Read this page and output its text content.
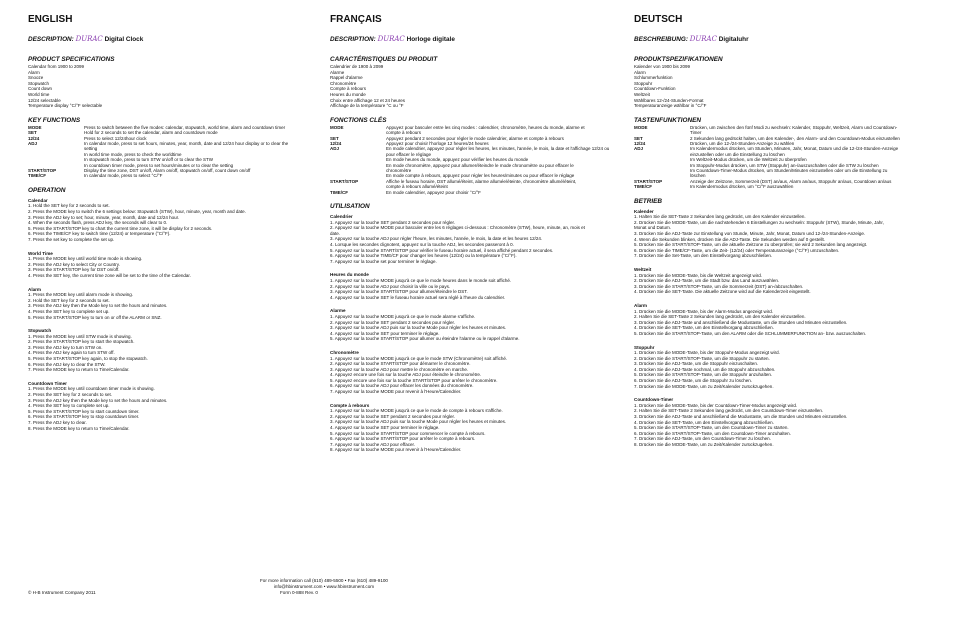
ENGLISH
DESCRIPTION: DURAC Digital Clock
PRODUCT SPECIFICATIONS
Calendar from 1900 to 2099
Alarm
Snooze
Stopwatch
Count down
World time
12/24 selectable
Temperature display °C/°F selectable
KEY FUNCTIONS
MODE	Press to switch between the five modes: calendar, stopwatch, world time, alarm and countdown timer
SET	Hold for 2 seconds to set the calendar, alarm and countdown mode
12/24	Press to select 12/24hour clock
ADJ	In calendar mode, press to set hours, minutes, year, month, date and 12/24 hour display or to clear the
	setting
	In world time mode, press to check the worldtime
	In stopwatch mode, press to turn STW on/off or to clear the STW
	In countdown timer mode, press to set hours/minutes or to clear the setting
START/STOP	Display the time zone, DST on/off, Alarm on/off, stopwatch on/off, count down on/off
TIME/CF	In calendar mode, press to select °C/°F
OPERATION
Calendar
1. Hold the SET key for 2 seconds to set.
2. Press the MODE key to switch the 6 settings below: Stopwatch (STW), hour, minute, year, month and date.
3. Press the ADJ key to set; hour, minute, year, month, date and 12/24 hour.
4. When the seconds flash, press ADJ key, the seconds will clear to 0.
5. Press the START/STOP key to chart the current time zone, it will be display for 2 seconds.
6. Press the TIME/CF key to switch time (12/24) or temperature (°C/°F).
7. Press the set key to complete the set up.
World Time
1. Press the MODE key until world time mode is showing.
2. Press the ADJ key to select City or Country.
3. Press the START/STOP key for DST on/off.
4. Press the SET key, the current time zone will be set to the time of the Calendar.
Alarm
1. Press the MODE key until alarm mode is showing.
2. Hold the SET key for 2 seconds to set.
3. Press the ADJ key then the Mode key to set the hours and minutes.
4. Press the SET key to complete set up.
5. Press the START/STOP key to turn on or off the ALARM or SNZ.
Stopwatch
1. Press the MODE key until STW mode is showing.
2. Press the START/STOP key to start the stopwatch.
3. Press the ADJ key to turn STW on.
4. Press the ADJ key again to turn STW off.
5. Press the START/STOP key again, to stop the stopwatch.
6. Press the ADJ key to clear the STW.
7. Press the MODE key to return to Time/Calendar.
Countdown Timer
1. Press the MODE key until countdown timer mode is showing.
2. Press the SET key for 2 seconds to set.
3. Press the ADJ key then the Mode key to set the hours and minutes.
4. Press the SET key to complete set up.
5. Press the START/STOP key to start countdown timer.
6. Press the START/STOP key to stop countdown timer.
7. Press the ADJ key to clear.
8. Press the MODE key to return to Time/Calendar.
FRANÇAIS
DESCRIPTION: DURAC Horloge digitale
CARACTÉRISTIQUES DU PRODUIT
Calendrier de 1900 à 2099
Alarme
Rappel d'alarme
Chronomètre
Compte à rebours
Heures du monde
Choix entre affichage 12 et 24 heures
Affichage de la température °C ou °F
FONCTIONS CLÉS
MODE	Appuyez pour basculer entre les cinq modes : calendrier, chronomètre, heures du monde, alarme et
	compte à rebours
SET	Appuyez pendant 2 secondes pour régler le mode calendrier, alarme et compte à rebours
12/24	Appuyez pour choisir l'horloge 12 heures/24 heures
ADJ	En mode calendrier, appuyez pour régler les heures, les minutes, l'année, le mois, la date et l'affichage 12/24 ou
	pour effacer le réglage
	En mode heures du monde, appuyez pour vérifier les heures du monde
	En mode chronomètre, appuyez pour allumer/éteindre le mode chronomètre ou pour effacer le
	chronomètre
	En mode compte à rebours, appuyez pour régler les heures/minutes ou pour effacer le réglage
START/STOP	Affiche le fuseau horaire, DST allumé/éteint, alarme allumée/éteinte, chronomètre allumé/éteint,
	compte à rebours allumé/éteint
TIME/CF	En mode calendrier, appuyez pour choisir °C/°F
UTILISATION
Calendrier
1. Appuyez sur la touche SET pendant 2 secondes pour régler.
2. Appuyez sur la touche MODE pour basculer entre les 6 réglages ci-dessous : Chronomètre (STW), heure, minute, an, mois et
date.
3. Appuyez sur la touche ADJ pour régler l'heure, les minutes, l'année, le mois, la date et les heures 12/24.
4. Lorsque les secondes clignotent, appuyez sur la touche ADJ, les secondes passeront à 0.
5. Appuyez sur la touche START/STOP pour vérifier le fuseau horaire actuel, il sera affiché pendant 2 secondes.
6. Appuyez sur la touche TIME/CF pour changer les heures (12/24) ou la température (°C/°F).
7. Appuyez sur la touche set pour terminer le réglage.
Heures du monde
1. Appuyez sur la touche MODE jusqu'à ce que le mode heures dans le monde soit affiché.
2. Appuyez sur la touche ADJ pour choisir la ville ou le pays.
3. Appuyez sur la touche START/STOP pour allumer/éteindre le DST.
4. Appuyez sur la touche SET le fuseau horaire actuel sera réglé à l'heure du calendrier.
Alarme
1. Appuyez sur la touche MODE jusqu'à ce que le mode alarme s'affiche.
2. Appuyez sur la touche SET pendant 2 secondes pour régler.
3. Appuyez sur la touche ADJ puis sur la touche Mode pour régler les heures et minutes.
4. Appuyez sur la touche SET pour terminer le réglage.
5. Appuyez sur la touche START/STOP pour allumer ou éteindre l'alarme ou le rappel d'alarme.
Chronomètre
1. Appuyez sur la touche MODE jusqu'à ce que le mode STW (Chronomètre) soit affiché.
2. Appuyez sur la touche START/STOP pour démarrer le chronomètre.
3. Appuyez sur la touche ADJ pour mettre le chronomètre en marche.
4. Appuyez encore une fois sur la touche ADJ pour éteindre le chronomètre.
5. Appuyez encore une fois sur la touche START/STOP pour arrêter le chronomètre.
6. Appuyez sur la touche ADJ pour effacer les données du chronomètre.
7. Appuyez sur la touche MODE pour revenir à l'Heure/Calendrier.
Compte à rebours
1. Appuyez sur la touche MODE jusqu'à ce que le mode de compte à rebours s'affiche.
2. Appuyez sur la touche SET pendant 2 secondes pour régler.
3. Appuyez sur la touche ADJ puis sur la touche Mode pour régler les heures et minutes.
4. Appuyez sur la touche SET pour terminer le réglage.
5. Appuyez sur la touche START/STOP pour commencer le compte à rebours.
6. Appuyez sur la touche START/STOP pour arrêter le compte à rebours.
7. Appuyez sur la touche ADJ pour effacer.
8. Appuyez sur la touche MODE pour revenir à l'Heure/Calendrier.
DEUTSCH
BESCHREIBUNG: DURAC Digitaluhr
PRODUKTSPEZIFIKATIONEN
Kalender von 1900 bis 2099
Alarm
Schlummerfunktion
Stoppuhr
Countdown-Funktion
Weltzeit
Wählbares 12-/24-Stunden-Format
Temperaturanzeige wählbar in °C/°F
TASTENFUNKTIONEN
MODE	Drücken, um zwischen den fünf Modi zu wechseln: Kalender, Stoppuhr, Weltzeit, Alarm und Countdown-
	Timer
SET	2 Sekunden lang gedrückt halten, um den Kalender-, den Alarm- und den Countdown-Modus einzustellen
12/24	Drücken, um die 12-/24-Stunden-Anzeige zu wählen
ADJ	Im Kalendermodus drücken, um Stunden, Minuten, Jahr, Monat, Datum und die 12-/24-Stunden-Anzeige
	einzustellen oder um die Einstellung zu löschen
	Im Weltzeit-Modus drücken, um die Weltzeit zu überprüfen
	Im Stoppuhr-Modus drücken, um STW (Stoppuhr) an-/auszuschalten oder die STW zu löschen
	Im Countdown-Timer-Modus drücken, um Stunden/Minuten einzustellen oder um die Einstellung zu
	löschen
START/STOP	Anzeige der Zeitzone, Sommerzeit (DST) an/aus, Alarm an/aus, Stoppuhr an/aus, Countdown an/aus
TIME/CF	Im Kalendermodus drücken, um °C/°F auszuwählen
BETRIEB
Kalender
1. Halten Sie die SET-Taste 2 Sekunden lang gedrückt, um den Kalender einzustellen.
2. Drücken Sie die MODE-Taste, um die nachstehenden 6 Einstellungen zu wechseln: Stoppuhr (STW), Stunde, Minute, Jahr,
Monat und Datum.
3. Drücken Sie die ADJ-Taste zur Einstellung von Stunde, Minute, Jahr, Monat, Datum und 12-/24-Stunden-Anzeige.
4. Wenn die Sekunden blinken, drücken Sie die ADJ-Taste. Die Sekunden werden auf 0 gestellt.
5. Drücken Sie die START/STOP-Taste, um die aktuelle Zeitzone zu überprüfen; sie wird 2 Sekunden lang angezeigt.
6. Drücken Sie die TIME/CF-Taste, um die Zeit- (12/24) oder Temperaturanzeige (°C/°F) umzuschalten.
7. Drücken Sie die Set-Taste, um den Einstellvorgang abzuschließen.
Weltzeit
1. Drücken Sie die MODE-Taste, bis die Weltzeit angezeigt wird.
2. Drücken Sie die ADJ-Taste, um die Stadt bzw. das Land auszuwählen.
3. Drücken Sie die START/STOP-Taste, um die Sommerzeit (DST) an-/abzuschalten.
4. Drücken Sie die SET-Taste. Die aktuelle Zeitzone wird auf die Kalenderzeit eingestellt.
Alarm
1. Drücken Sie die MODE-Taste, bis der Alarm-Modus angezeigt wird.
2. Halten Sie die SET-Taste 2 Sekunden lang gedrückt, um den Kalender einzustellen.
3. Drücken Sie die ADJ-Taste und anschließend die Modustaste, um die Stunden und Minuten einzustellen.
4. Drücken Sie die SET-Taste, um den Einstellvorgang abzuschließen.
5. Drücken Sie die START/STOP-Taste, um den ALARM oder die SCHLUMMERFUNKTION an- bzw. auszuschalten.
Stoppuhr
1. Drücken Sie die MODE-Taste, bis der Stoppuhr-Modus angezeigt wird.
2. Drücken Sie die START/STOP-Taste, um die Stoppuhr zu starten.
3. Drücken Sie die ADJ-Taste, um die Stoppuhr einzuschalten.
4. Drücken Sie die ADJ-Taste nochmal, um die Stoppuhr abzuschalten.
5. Drücken Sie die START/STOP-Taste, um die Stoppuhr anzuhalten.
6. Drücken Sie die ADJ-Taste, um die Stoppuhr zu löschen.
7. Drücken Sie die MODE-Taste, um zu Zeit/Kalender zurückzugehen.
Countdown-Timer
1. Drücken Sie die MODE-Taste, bis der Countdown-Timer-Modus angezeigt wird.
2. Halten Sie die SET-Taste 2 Sekunden lang gedrückt, um den Countdown-Timer einzustellen.
3. Drücken Sie die ADJ-Taste und anschließend die Modustaste, um die Stunden und Minuten einzustellen.
4. Drücken Sie die SET-Taste, um den Einstellvorgang abzuschließen.
5. Drücken Sie die START/STOP-Taste, um den Countdown-Timer zu starten.
6. Drücken Sie die START/STOP-Taste, um den Countdown-Timer anzuhalten.
7. Drücken Sie die ADJ-Taste, um den Countdown-Timer zu löschen.
8. Drücken Sie die MODE-Taste, um zu Zeit/Kalender zurückzugehen.
For more information call (610) 489-5500 • Fax (610) 489-9100
info@hbinstrument.com • www.hbinstrument.com
© H-B Instrument Company 2011	Form 0-888 Rev. 0
